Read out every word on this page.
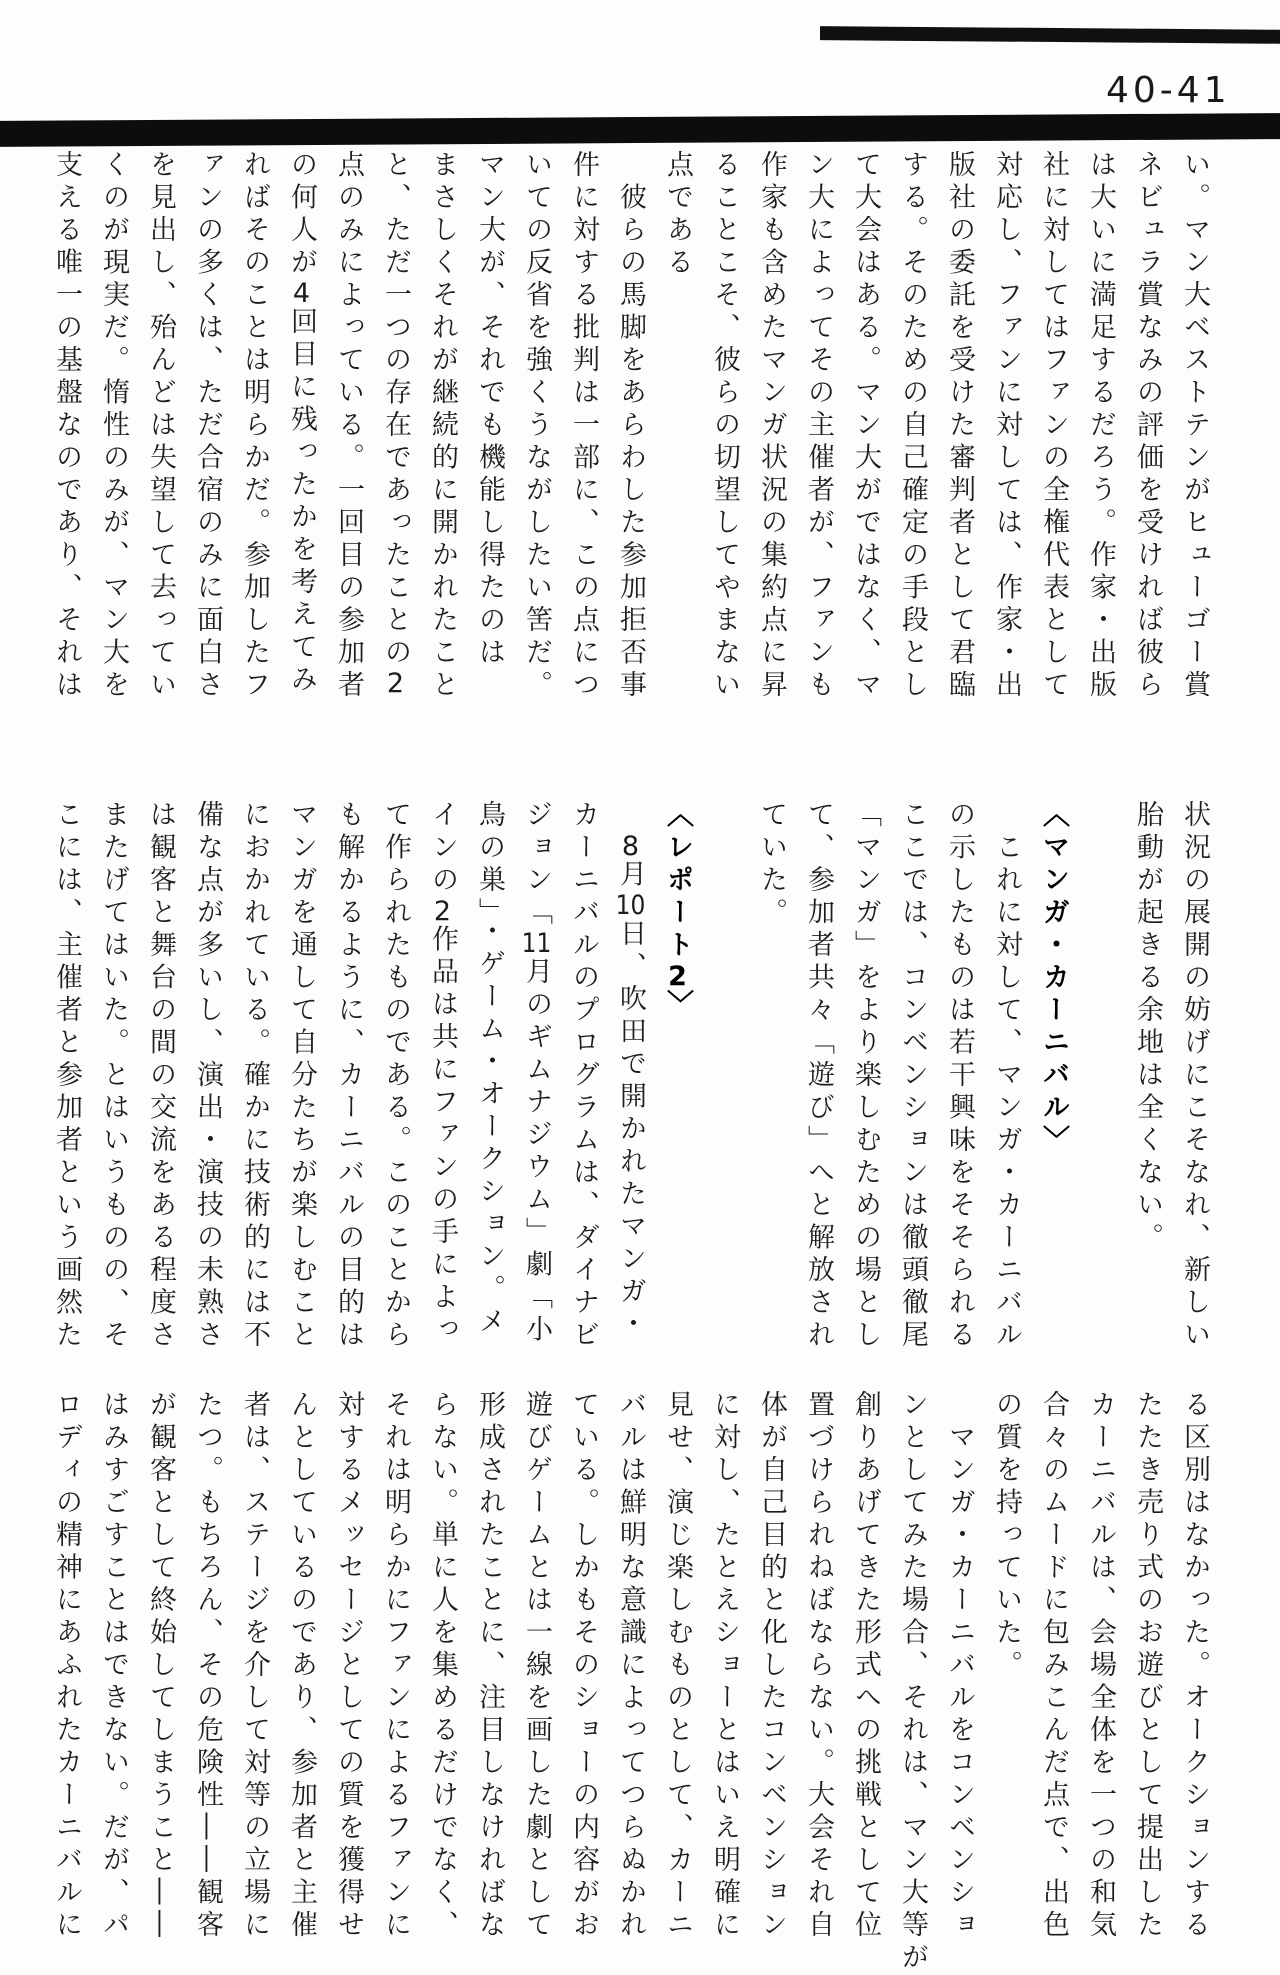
40-41
い。マン大ベストテンがヒューゴー賞
ネビュラ賞なみの評価を受ければ彼ら
は大いに満足するだろう。作家・出版
社に対してはファンの全権代表として
対応し、ファンに対しては、作家・出
版社の委託を受けた審判者として君臨
する。そのための自己確定の手段とし
て大会はある。マン大がではなく、マ
ン大によってその主催者が、ファンも
作家も含めたマンガ状況の集約点に昇
ることこそ、彼らの切望してやまない
点である
　彼らの馬脚をあらわした参加拒否事
件に対する批判は一部に、この点につ
いての反省を強くうながしたい筈だ。
マン大が、それでも機能し得たのは
まさしくそれが継続的に開かれたこと
と、ただ一つの存在であったことの2
点のみによっている。一回目の参加者
の何人が4回目に残ったかを考えてみ
ればそのことは明らかだ。参加したフ
ァンの多くは、ただ合宿のみに面白さ
を見出し、殆んどは失望して去ってい
くのが現実だ。惰性のみが、マン大を
支える唯一の基盤なのであり、それは
状況の展開の妨げにこそなれ、新しい
胎動が起きる余地は全くない。
〈マンガ・カーニバル〉
　これに対して、マンガ・カーニバル
の示したものは若干興味をそそられる
ここでは、コンベンションは徹頭徹尾
「マンガ」をより楽しむための場とし
て、参加者共々「遊び」へと解放され
ていた。
〈レポート2〉
　8月10日、吹田で開かれたマンガ・
カーニバルのプログラムは、ダイナビ
ジョン「11月のギムナジウム」劇「小
鳥の巣」・ゲーム・オークション。メ
インの2作品は共にファンの手によっ
て作られたものである。このことから
も解かるように、カーニバルの目的は
マンガを通して自分たちが楽しむこと
におかれている。確かに技術的には不
備な点が多いし、演出・演技の未熟さ
は観客と舞台の間の交流をある程度さ
またげてはいた。とはいうものの、そ
こには、主催者と参加者という画然た
る区別はなかった。オークションする
たたき売り式のお遊びとして提出した
カーニバルは、会場全体を一つの和気
合々のムードに包みこんだ点で、出色
の質を持っていた。
　マンガ・カーニバルをコンベンショ
ンとしてみた場合、それは、マン大等が
創りあげてきた形式への挑戦として位
置づけられねばならない。大会それ自
体が自己目的と化したコンベンション
に対し、たとえショーとはいえ明確に
見せ、演じ楽しむものとして、カーニ
バルは鮮明な意識によってつらぬかれ
ている。しかもそのショーの内容がお
遊びゲームとは一線を画した劇として
形成されたことに、注目しなければな
らない。単に人を集めるだけでなく、
それは明らかにファンによるファンに
対するメッセージとしての質を獲得せ
んとしているのであり、参加者と主催
者は、ステージを介して対等の立場に
たつ。もちろん、その危険性――観客
が観客として終始してしまうこと――
はみすごすことはできない。だが、パ
ロディの精神にあふれたカーニバルに
